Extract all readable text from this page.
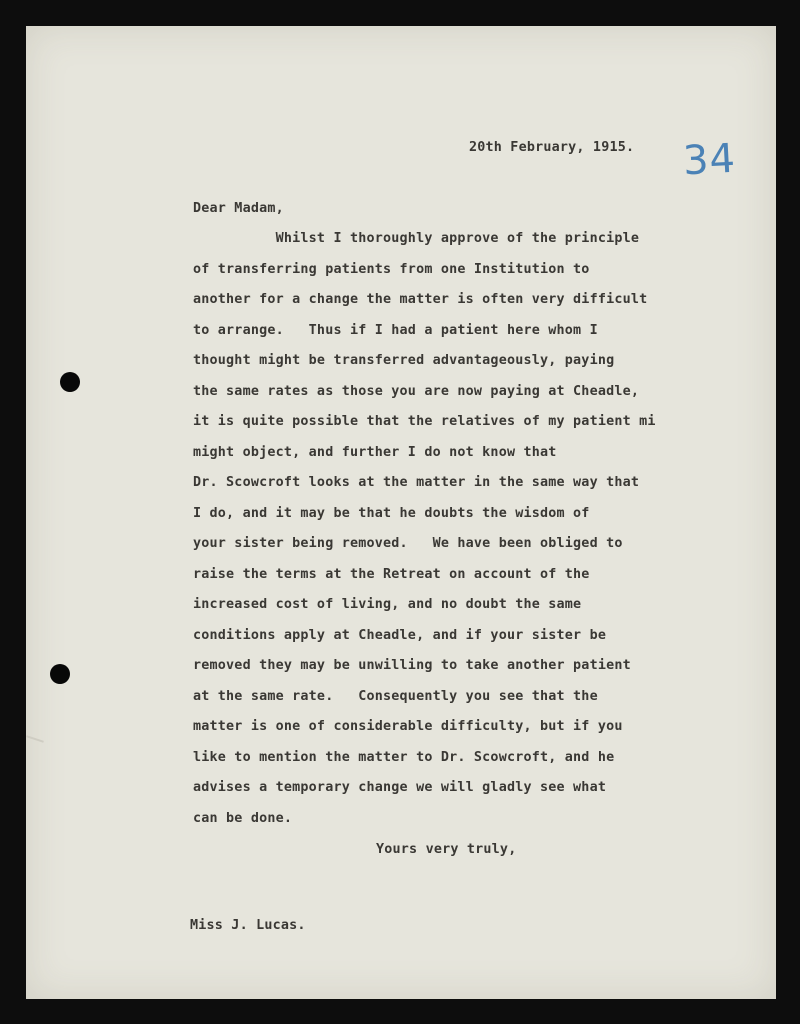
20th February, 1915. 34
Dear Madam,
Whilst I thoroughly approve of the principle
of transferring patients from one Institution to
another for a change the matter is often very difficult
to arrange.   Thus if I had a patient here whom I
thought might be transferred advantageously, paying
the same rates as those you are now paying at Cheadle,
it is quite possible that the relatives of my patient mi
might object, and further I do not know that
Dr. Scowcroft looks at the matter in the same way that
I do, and it may be that he doubts the wisdom of
your sister being removed.   We have been obliged to
raise the terms at the Retreat on account of the
increased cost of living, and no doubt the same
conditions apply at Cheadle, and if your sister be
removed they may be unwilling to take another patient
at the same rate.   Consequently you see that the
matter is one of considerable difficulty, but if you
like to mention the matter to Dr. Scowcroft, and he
advises a temporary change we will gladly see what
can be done.
Yours very truly,
Miss J. Lucas.
